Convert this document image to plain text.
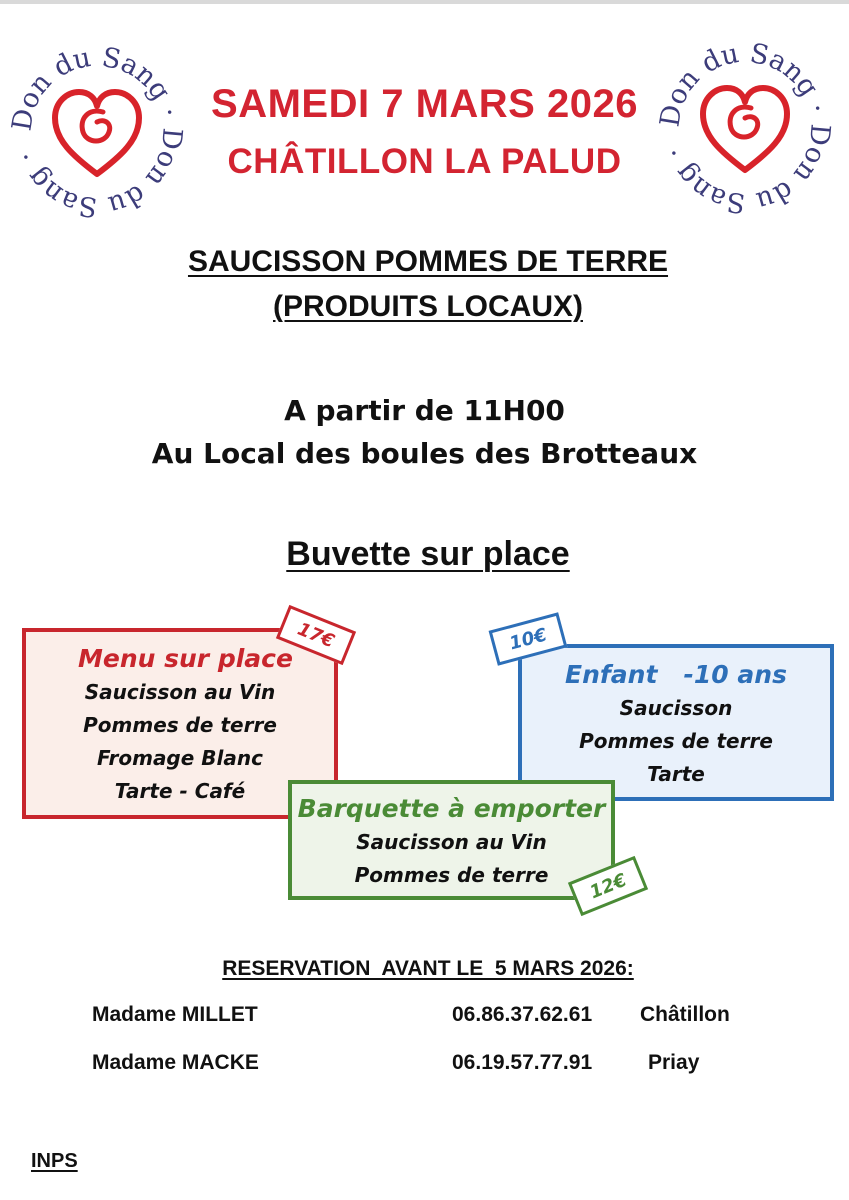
Don du Sang · Don du Sang ·
Don du Sang · Don du Sang ·
SAMEDI 7 MARS 2026
CHÂTILLON LA PALUD
SAUCISSON POMMES DE TERRE
(PRODUITS LOCAUX)
A partir de 11H00
Au Local des boules des Brotteaux
Buvette sur place
Menu sur place
Saucisson au Vin
Pommes de terre
Fromage Blanc
Tarte - Café
Enfant   -10 ans
Saucisson
Pommes de terre
Tarte
Barquette à emporter
Saucisson au Vin
Pommes de terre
17€	10€
12€
RESERVATION  AVANT LE  5 MARS 2026:
Madame MILLET	06.86.37.62.61 Châtillon
Madame MACKE	06.19.57.77.91	Priay
INPS
